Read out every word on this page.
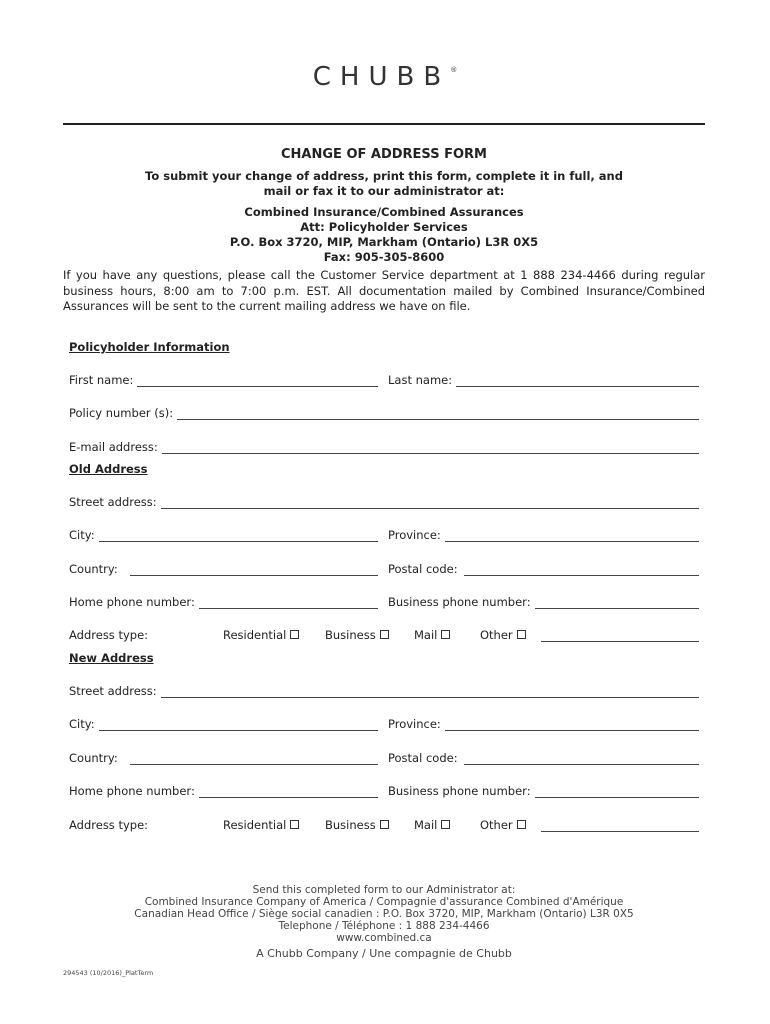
CHUBB®
CHANGE OF ADDRESS FORM
To submit your change of address, print this form, complete it in full, and
mail or fax it to our administrator at:
Combined Insurance/Combined Assurances
Att: Policyholder Services
P.O. Box 3720, MIP, Markham (Ontario) L3R 0X5
Fax: 905-305-8600
If you have any questions, please call the Customer Service department at 1 888 234-4466 during regular business hours, 8:00 am to 7:00 p.m. EST. All documentation mailed by Combined Insurance/Combined Assurances will be sent to the current mailing address we have on file.
Policyholder Information
First name:	Last name:
Policy number (s):
E-mail address:
Old Address
Street address:
City:	Province:
Country:	Postal code:
Home phone number:	Business phone number:
Address type:	Residential	Business	Mail	Other
New Address
Street address:
City:	Province:
Country:	Postal code:
Home phone number:	Business phone number:
Address type:	Residential	Business	Mail	Other
Send this completed form to our Administrator at:
Combined Insurance Company of America / Compagnie d'assurance Combined d'Amérique
Canadian Head Office / Siège social canadien : P.O. Box 3720, MIP, Markham (Ontario) L3R 0X5
Telephone / Téléphone : 1 888 234-4466
www.combined.ca
A Chubb Company / Une compagnie de Chubb
294543 (10/2016)_PlatTerm
